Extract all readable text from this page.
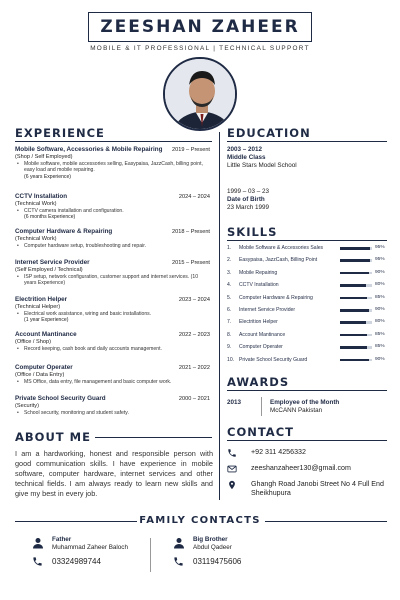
ZEESHAN ZAHEER
MOBILE & IT PROFESSIONAL | TECHNICAL SUPPORT
EXPERIENCE
Mobile Software, Accessories & Mobile Repairing 2019 – Present
(Shop / Self Employed)
• Mobile software, mobile accessories selling, Easypaisa, JazzCash, billing point, easy load and mobile repairing.
(6 years Experience)
CCTV Installation	2024 – 2024
(Technical Work)
• CCTV camera installation and configuration.
(6 months Experience)
Computer Hardware & Repairing	2018 – Present
(Technical Work)
• Computer hardware setup, troubleshooting and repair.
Internet Service Provider	2015 – Present
(Self Employed / Technical)
• ISP setup, network configuration, customer support and internet services. (10 years Experience)
Electrition Helper	2023 – 2024
(Technical Helper)
• Electrical work assistance, wiring and basic installations.
(1 year Experience)
Account Mantinance	2022 – 2023
(Office / Shop)
• Record keeping, cash book and daily accounts management.
Computer Operater	2021 – 2022
(Office / Data Entry)
• MS Office, data entry, file management and basic computer work.
Private School Security Guard	2000 – 2021
(Security)
• School security, monitoring and student safety.
ABOUT ME
I am a hardworking, honest and responsible person with good communication skills. I have experience in mobile software, computer hardware, internet services and other technical fields. I am always ready to learn new skills and give my best in every job.
EDUCATION
2003 – 2012
Middle Class
Little Stars Model School
1999 – 03 – 23
Date of Birth
23 March 1999
SKILLS
1. Mobile Software & Accessories Sales	95%
2. Easypaisa, JazzCash, Billing Point	95%
3. Mobile Repairing	90%
4. CCTV Installation	80%
5. Computer Hardware & Repairing	85%
6. Internet Service Provider	90%
7. Electrition Helper	80%
8. Account Mantinance	85%
9. Computer Operater	85%
10. Private School Security Guard	90%
AWARDS
2013	Employee of the Month
McCANN Pakistan
CONTACT
+92 311 4256332
zeeshanzaheer130@gmail.com
Ghangh Road Janobi Street No 4 Full End Sheikhupura
FAMILY CONTACTS
Father
Muhammad Zaheer Baloch
03324989744
Big Brother
Abdul Qadeer
03119475606
